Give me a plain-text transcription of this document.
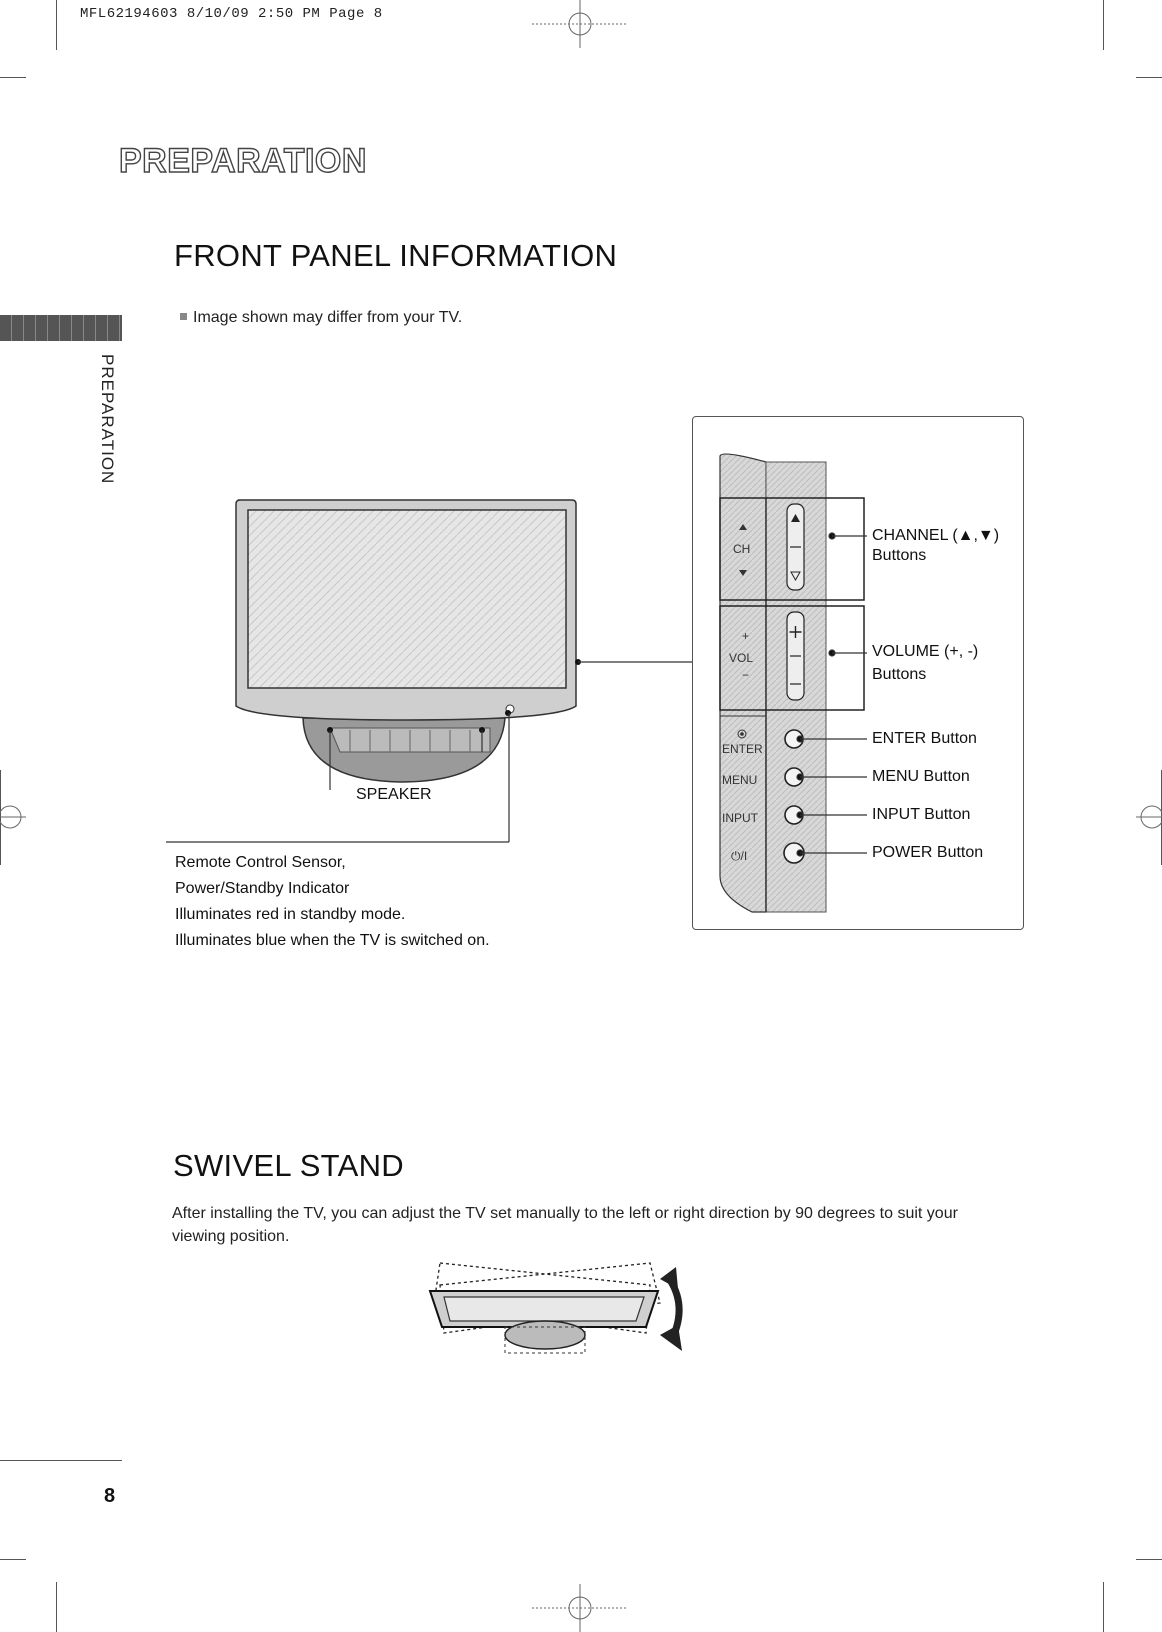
MFL62194603 8/10/09 2:50 PM Page 8
PREPARATION
PREPARATION
FRONT PANEL INFORMATION
Image shown may differ from your TV.
SPEAKER
Remote Control Sensor,
Power/Standby Indicator
Illuminates red in standby mode.
Illuminates blue when the TV is switched on.
CH
VOL
+
−
ENTER
MENU
INPUT
⏻/I
CHANNEL (▲,▼)
Buttons
VOLUME (+, -)
Buttons
ENTER Button
MENU Button
INPUT Button
POWER Button
SWIVEL STAND
After installing the TV, you can adjust the TV set manually to the left or right direction by 90 degrees to suit your viewing position.
8
